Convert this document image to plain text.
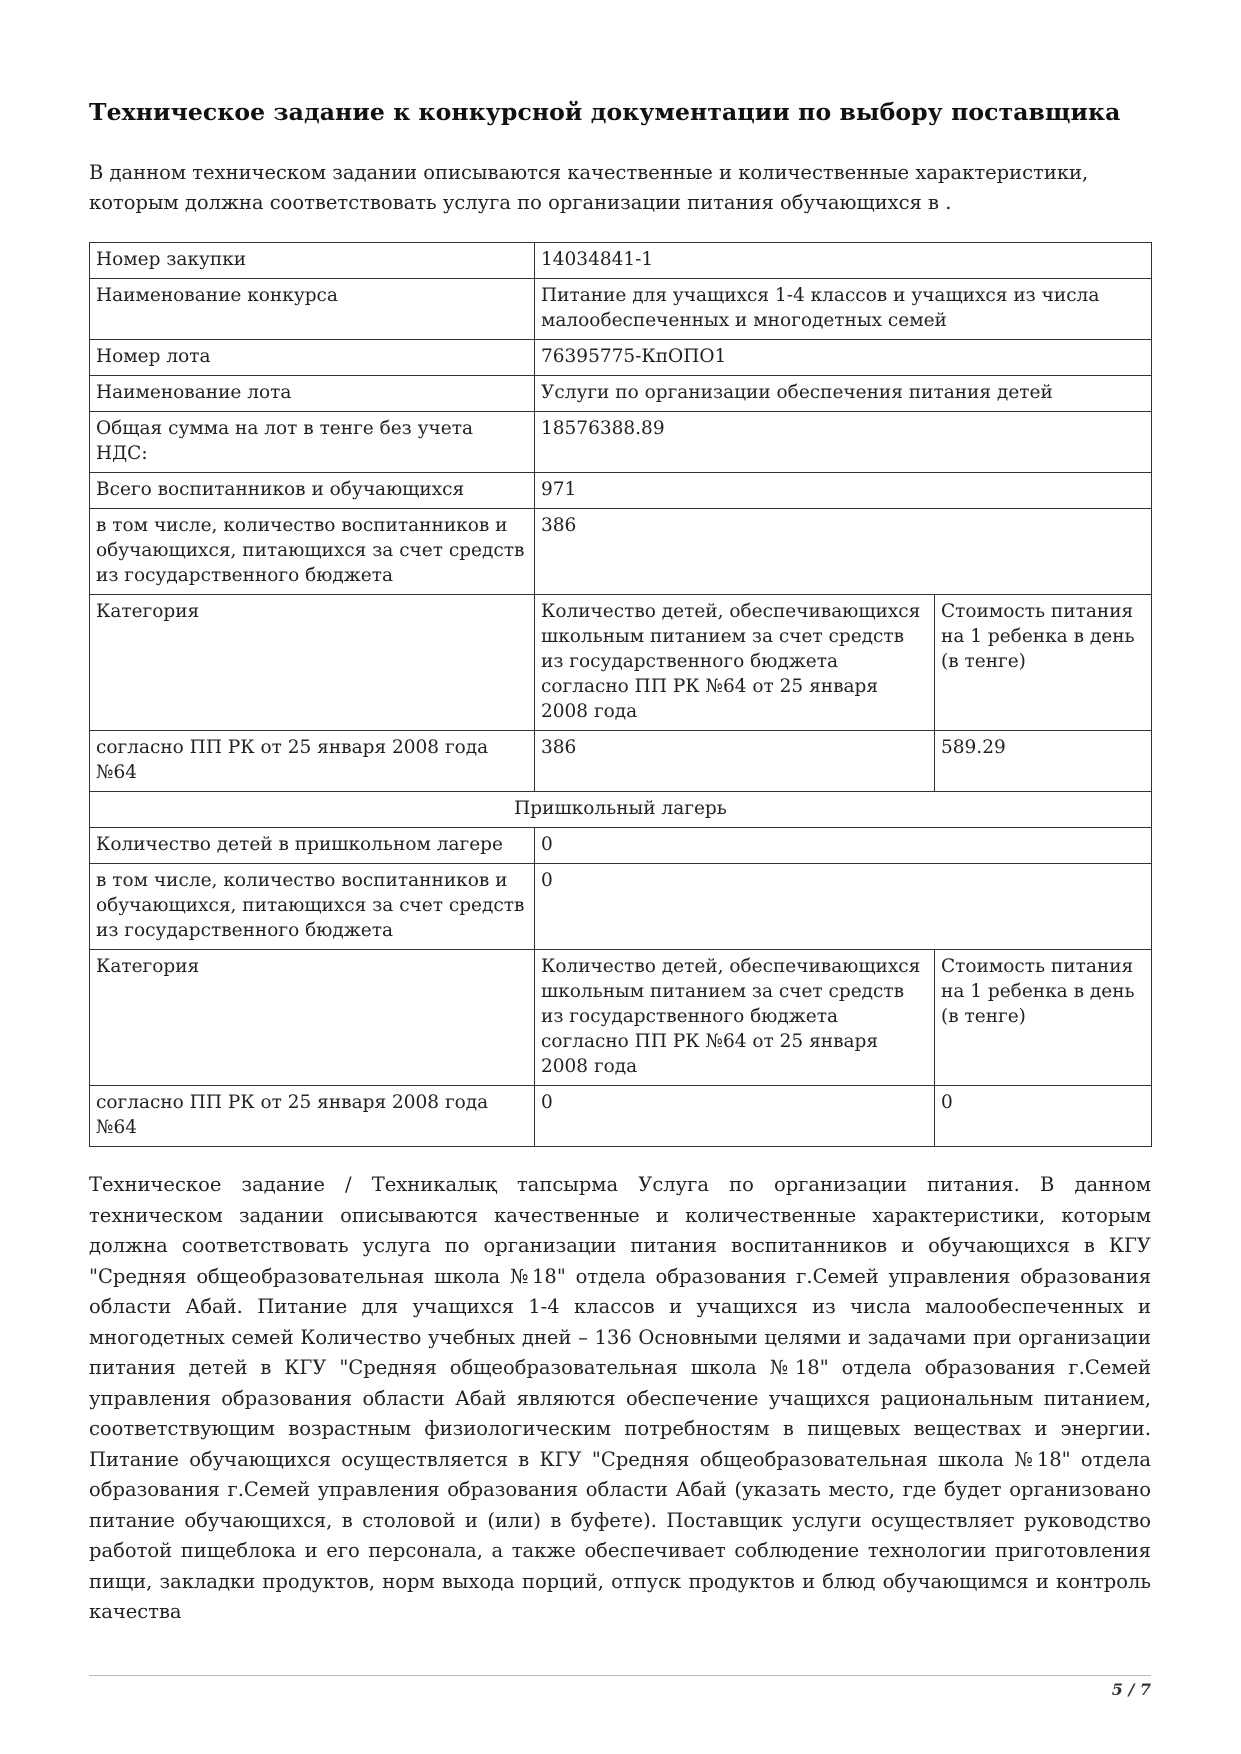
Техническое задание к конкурсной документации по выбору поставщика

В данном техническом задании описываются качественные и количественные характеристики, которым должна соответствовать услуга по организации питания обучающихся в .

Номер закупки	14034841-1	
Наименование конкурса	Питание для учащихся 1-4 классов и учащихся из числа малообеспеченных и многодетных семей	
Номер лота	76395775-КпОПО1	
Наименование лота	Услуги по организации обеспечения питания детей	
Общая сумма на лот в тенге без учета НДС:	18576388.89	
Всего воспитанников и обучающихся	971	
в том числе, количество воспитанников и обучающихся, питающихся за счет средств из государственного бюджета	386	
Категория	Количество детей, обеспечивающихся школьным питанием за счет средств из государственного бюджета согласно ПП РК №64 от 25 января 2008 года	Стоимость питания на 1 ребенка в день (в тенге)
согласно ПП РК от 25 января 2008 года №64	386	589.29
Пришкольный лагерь		
Количество детей в пришкольном лагере	0	
в том числе, количество воспитанников и обучающихся, питающихся за счет средств из государственного бюджета	0	
Категория	Количество детей, обеспечивающихся школьным питанием за счет средств из государственного бюджета согласно ПП РК №64 от 25 января 2008 года	Стоимость питания на 1 ребенка в день (в тенге)
согласно ПП РК от 25 января 2008 года №64	0	0

Техническое задание / Техникалық тапсырма Услуга по организации питания. В данном техническом задании описываются качественные и количественные характеристики, которым должна соответствовать услуга по организации питания воспитанников и обучающихся в КГУ "Средняя общеобразовательная школа №18" отдела образования г.Семей управления образования области Абай. Питание для учащихся 1-4 классов и учащихся из числа малообеспеченных и многодетных семей Количество учебных дней – 136 Основными целями и задачами при организации питания детей в КГУ "Средняя общеобразовательная школа №18" отдела образования г.Семей управления образования области Абай являются обеспечение учащихся рациональным питанием, соответствующим возрастным физиологическим потребностям в пищевых веществах и энергии. Питание обучающихся осуществляется в КГУ "Средняя общеобразовательная школа №18" отдела образования г.Семей управления образования области Абай (указать место, где будет организовано питание обучающихся, в столовой и (или) в буфете). Поставщик услуги осуществляет руководство работой пищеблока и его персонала, а также обеспечивает соблюдение технологии приготовления пищи, закладки продуктов, норм выхода порций, отпуск продуктов и блюд обучающимся и контроль качества

5 / 7
